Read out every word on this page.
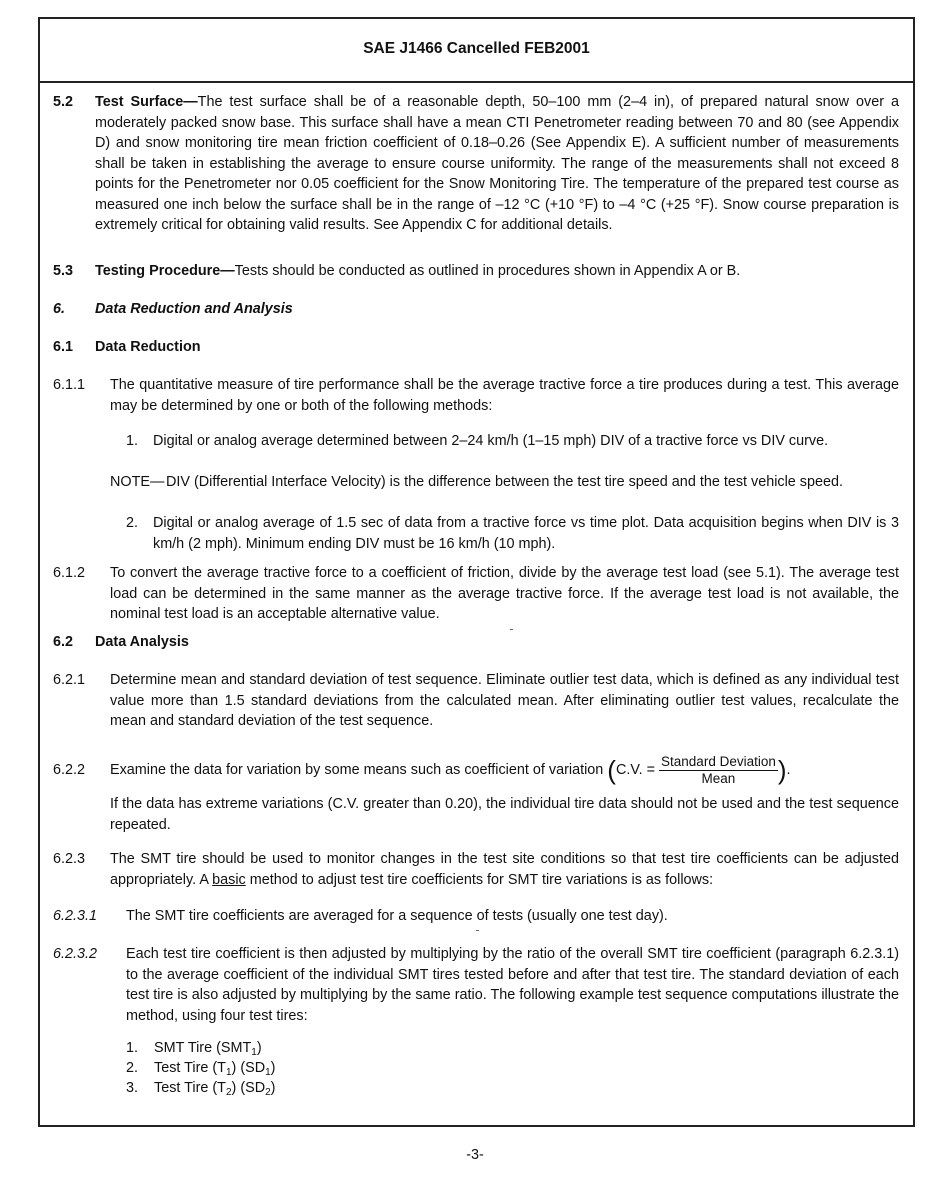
SAE J1466 Cancelled FEB2001
5.2 Test Surface—The test surface shall be of a reasonable depth, 50–100 mm (2–4 in), of prepared natural snow over a moderately packed snow base. This surface shall have a mean CTI Penetrometer reading between 70 and 80 (see Appendix D) and snow monitoring tire mean friction coefficient of 0.18–0.26 (See Appendix E). A sufficient number of measurements shall be taken in establishing the average to ensure course uniformity. The range of the measurements shall not exceed 8 points for the Penetrometer nor 0.05 coefficient for the Snow Monitoring Tire. The temperature of the prepared test course as measured one inch below the surface shall be in the range of –12 °C (+10 °F) to –4 °C (+25 °F). Snow course preparation is extremely critical for obtaining valid results. See Appendix C for additional details.
5.3 Testing Procedure—Tests should be conducted as outlined in procedures shown in Appendix A or B.
6. Data Reduction and Analysis
6.1 Data Reduction
6.1.1 The quantitative measure of tire performance shall be the average tractive force a tire produces during a test. This average may be determined by one or both of the following methods:
1. Digital or analog average determined between 2–24 km/h (1–15 mph) DIV of a tractive force vs DIV curve.
NOTE— DIV (Differential Interface Velocity) is the difference between the test tire speed and the test vehicle speed.
2. Digital or analog average of 1.5 sec of data from a tractive force vs time plot. Data acquisition begins when DIV is 3 km/h (2 mph). Minimum ending DIV must be 16 km/h (10 mph).
6.1.2 To convert the average tractive force to a coefficient of friction, divide by the average test load (see 5.1). The average test load can be determined in the same manner as the average tractive force. If the average test load is not available, the nominal test load is an acceptable alternative value.
6.2 Data Analysis
6.2.1 Determine mean and standard deviation of test sequence. Eliminate outlier test data, which is defined as any individual test value more than 1.5 standard deviations from the calculated mean. After eliminating outlier test values, recalculate the mean and standard deviation of the test sequence.
6.2.2 Examine the data for variation by some means such as coefficient of variation (C.V. = $\frac{\text{Standard Deviation}}{\text{Mean}}$ ).
If the data has extreme variations (C.V. greater than 0.20), the individual tire data should not be used and the test sequence repeated.
6.2.3 The SMT tire should be used to monitor changes in the test site conditions so that test tire coefficients can be adjusted appropriately. A basic method to adjust test tire coefficients for SMT tire variations is as follows:
6.2.3.1 The SMT tire coefficients are averaged for a sequence of tests (usually one test day).
6.2.3.2 Each test tire coefficient is then adjusted by multiplying by the ratio of the overall SMT tire coefficient (paragraph 6.2.3.1) to the average coefficient of the individual SMT tires tested before and after that test tire. The standard deviation of each test tire is also adjusted by multiplying by the same ratio. The following example test sequence computations illustrate the method, using four test tires:
1. SMT Tire $(SMT_1)$
2. Test Tire $(T_1)$ $(SD_1)$
3. Test Tire $(T_2)$ $(SD_2)$
-3-
